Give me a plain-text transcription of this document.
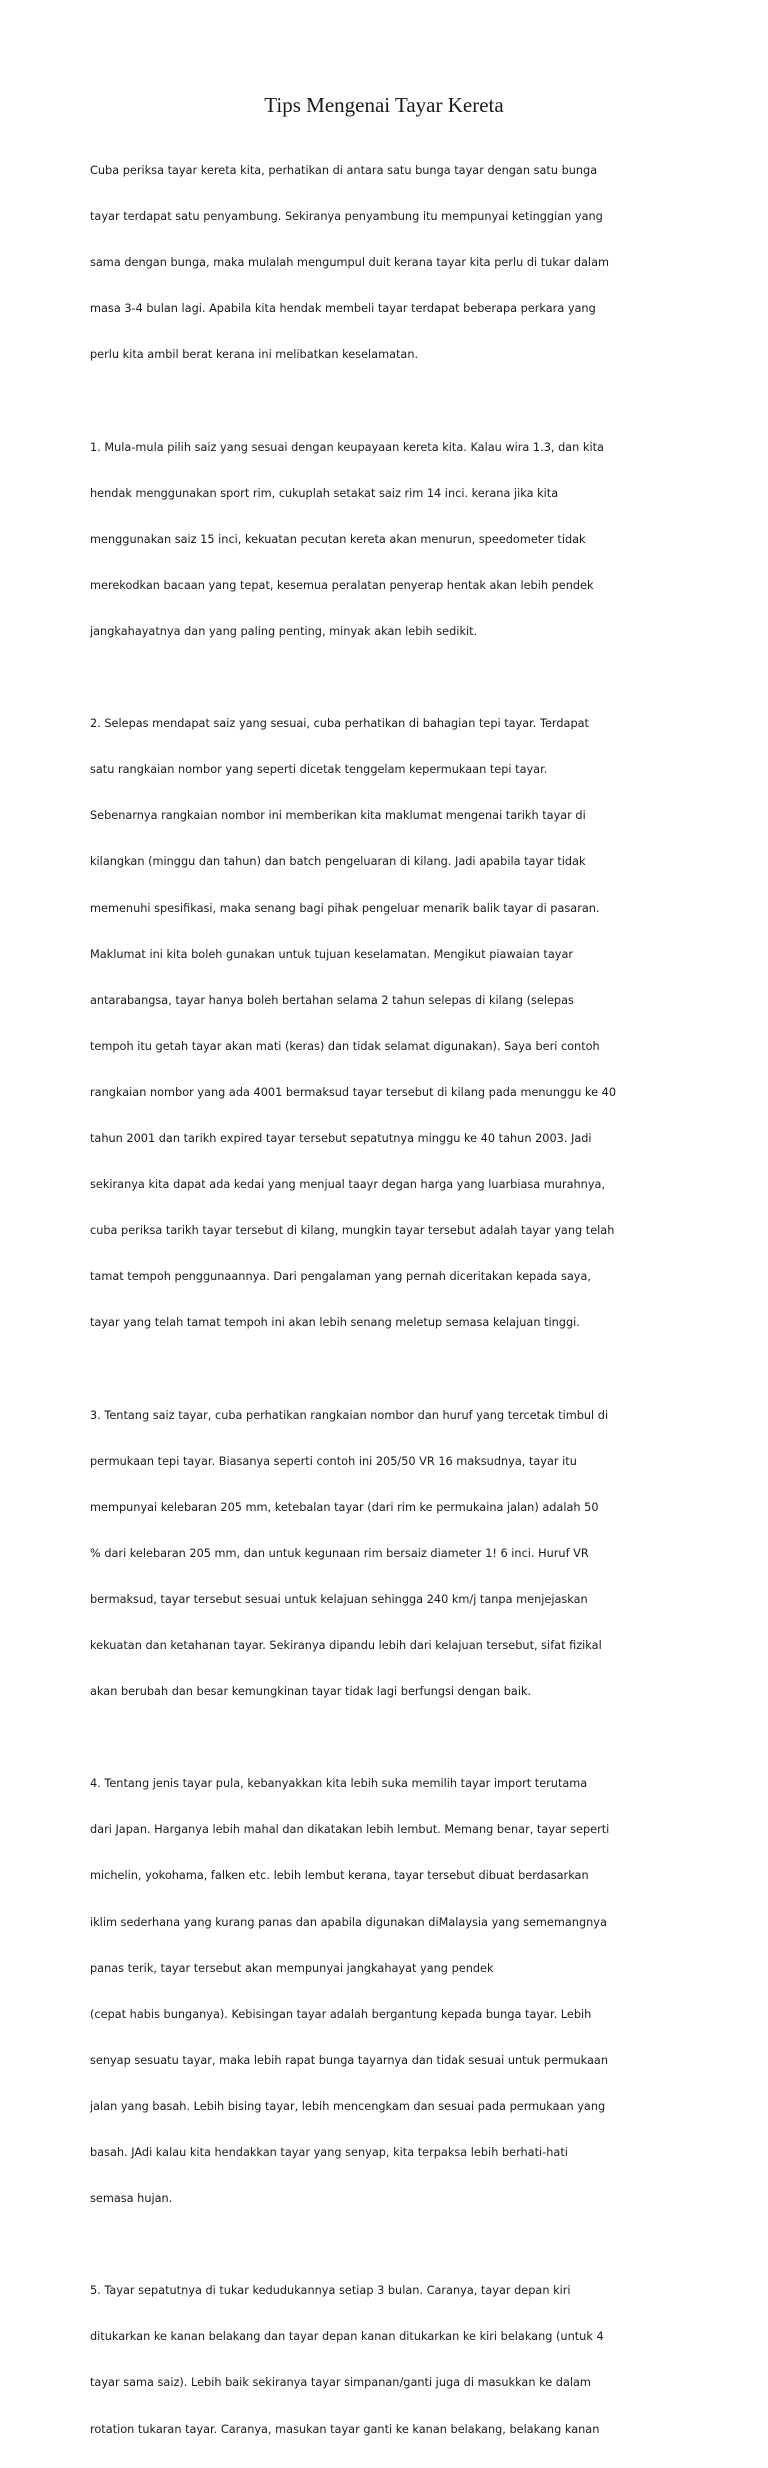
Tips Mengenai Tayar Kereta

Cuba periksa tayar kereta kita, perhatikan di antara satu bunga tayar dengan satu bunga

tayar terdapat satu penyambung. Sekiranya penyambung itu mempunyai ketinggian yang

sama dengan bunga, maka mulalah mengumpul duit kerana tayar kita perlu di tukar dalam

masa 3-4 bulan lagi. Apabila kita hendak membeli tayar terdapat beberapa perkara yang

perlu kita ambil berat kerana ini melibatkan keselamatan.

1. Mula-mula pilih saiz yang sesuai dengan keupayaan kereta kita. Kalau wira 1.3, dan kita

hendak menggunakan sport rim, cukuplah setakat saiz rim 14 inci. kerana jika kita

menggunakan saiz 15 inci, kekuatan pecutan kereta akan menurun, speedometer tidak

merekodkan bacaan yang tepat, kesemua peralatan penyerap hentak akan lebih pendek

jangkahayatnya dan yang paling penting, minyak akan lebih sedikit.

2. Selepas mendapat saiz yang sesuai, cuba perhatikan di bahagian tepi tayar. Terdapat

satu rangkaian nombor yang seperti dicetak tenggelam kepermukaan tepi tayar.

Sebenarnya rangkaian nombor ini memberikan kita maklumat mengenai tarikh tayar di

kilangkan (minggu dan tahun) dan batch pengeluaran di kilang. Jadi apabila tayar tidak

memenuhi spesifikasi, maka senang bagi pihak pengeluar menarik balik tayar di pasaran.

Maklumat ini kita boleh gunakan untuk tujuan keselamatan. Mengikut piawaian tayar

antarabangsa, tayar hanya boleh bertahan selama 2 tahun selepas di kilang (selepas

tempoh itu getah tayar akan mati (keras) dan tidak selamat digunakan). Saya beri contoh

rangkaian nombor yang ada 4001 bermaksud tayar tersebut di kilang pada menunggu ke 40

tahun 2001 dan tarikh expired tayar tersebut sepatutnya minggu ke 40 tahun 2003. Jadi

sekiranya kita dapat ada kedai yang menjual taayr degan harga yang luarbiasa murahnya,

cuba periksa tarikh tayar tersebut di kilang, mungkin tayar tersebut adalah tayar yang telah

tamat tempoh penggunaannya. Dari pengalaman yang pernah diceritakan kepada saya,

tayar yang telah tamat tempoh ini akan lebih senang meletup semasa kelajuan tinggi.

3. Tentang saiz tayar, cuba perhatikan rangkaian nombor dan huruf yang tercetak timbul di

permukaan tepi tayar. Biasanya seperti contoh ini 205/50 VR 16 maksudnya, tayar itu

mempunyai kelebaran 205 mm, ketebalan tayar (dari rim ke permukaina jalan) adalah 50

% dari kelebaran 205 mm, dan untuk kegunaan rim bersaiz diameter 1! 6 inci. Huruf VR

bermaksud, tayar tersebut sesuai untuk kelajuan sehingga 240 km/j tanpa menjejaskan

kekuatan dan ketahanan tayar. Sekiranya dipandu lebih dari kelajuan tersebut, sifat fizikal

akan berubah dan besar kemungkinan tayar tidak lagi berfungsi dengan baik.

4. Tentang jenis tayar pula, kebanyakkan kita lebih suka memilih tayar import terutama

dari Japan. Harganya lebih mahal dan dikatakan lebih lembut. Memang benar, tayar seperti

michelin, yokohama, falken etc. lebih lembut kerana, tayar tersebut dibuat berdasarkan

iklim sederhana yang kurang panas dan apabila digunakan diMalaysia yang sememangnya

panas terik, tayar tersebut akan mempunyai jangkahayat yang pendek

(cepat habis bunganya). Kebisingan tayar adalah bergantung kepada bunga tayar. Lebih

senyap sesuatu tayar, maka lebih rapat bunga tayarnya dan tidak sesuai untuk permukaan

jalan yang basah. Lebih bising tayar, lebih mencengkam dan sesuai pada permukaan yang

basah. JAdi kalau kita hendakkan tayar yang senyap, kita terpaksa lebih berhati-hati

semasa hujan.

5. Tayar sepatutnya di tukar kedudukannya setiap 3 bulan. Caranya, tayar depan kiri

ditukarkan ke kanan belakang dan tayar depan kanan ditukarkan ke kiri belakang (untuk 4

tayar sama saiz). Lebih baik sekiranya tayar simpanan/ganti juga di masukkan ke dalam

rotation tukaran tayar. Caranya, masukan tayar ganti ke kanan belakang, belakang kanan
